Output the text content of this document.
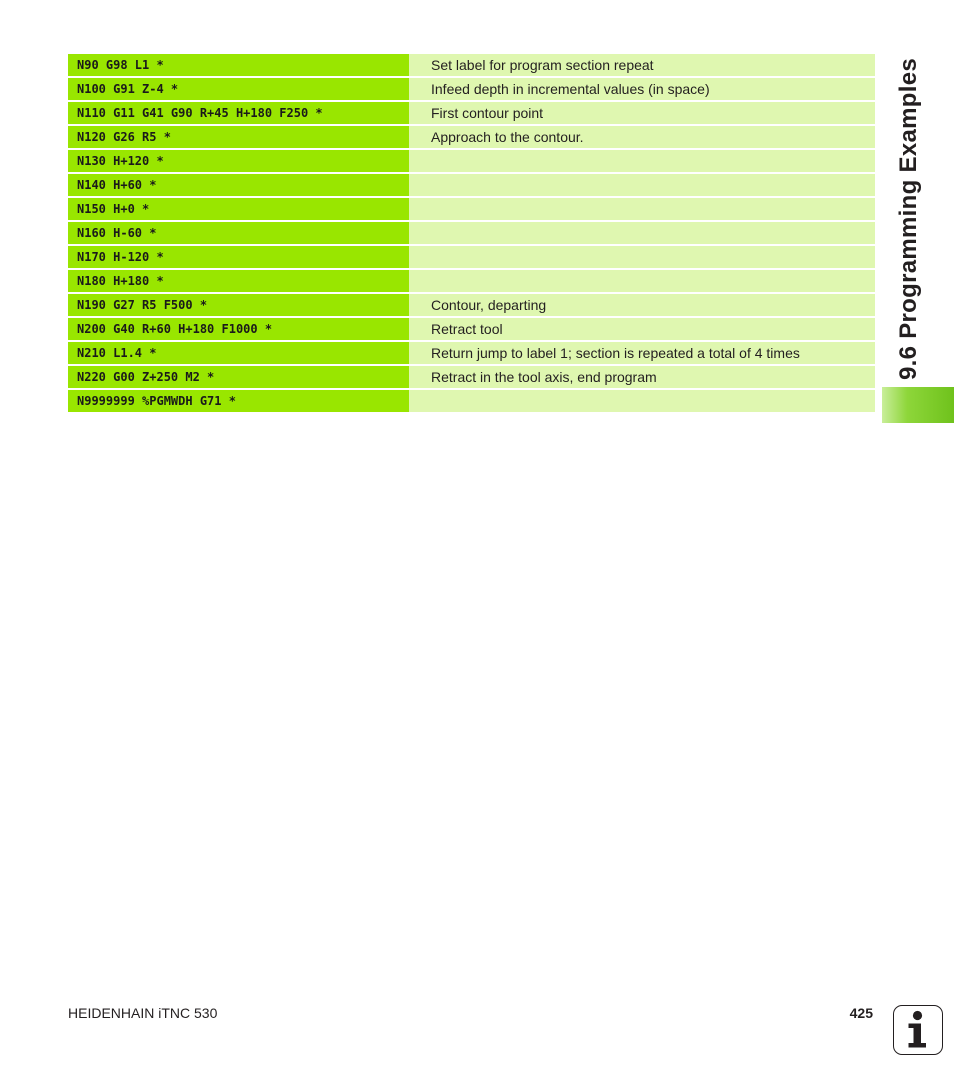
N90 G98 L1 *	Set label for program section repeat
N100 G91 Z-4 *	Infeed depth in incremental values (in space)
N110 G11 G41 G90 R+45 H+180 F250 *	First contour point
N120 G26 R5 *	Approach to the contour.
N130 H+120 *
N140 H+60 *
N150 H+0 *
N160 H-60 *
N170 H-120 *
N180 H+180 *
N190 G27 R5 F500 *	Contour, departing
N200 G40 R+60 H+180 F1000 *	Retract tool
N210 L1.4 *	Return jump to label 1; section is repeated a total of 4 times
N220 G00 Z+250 M2 *	Retract in the tool axis, end program
N9999999 %PGMWDH G71 *
9.6 Programming Examples
HEIDENHAIN iTNC 530	425
